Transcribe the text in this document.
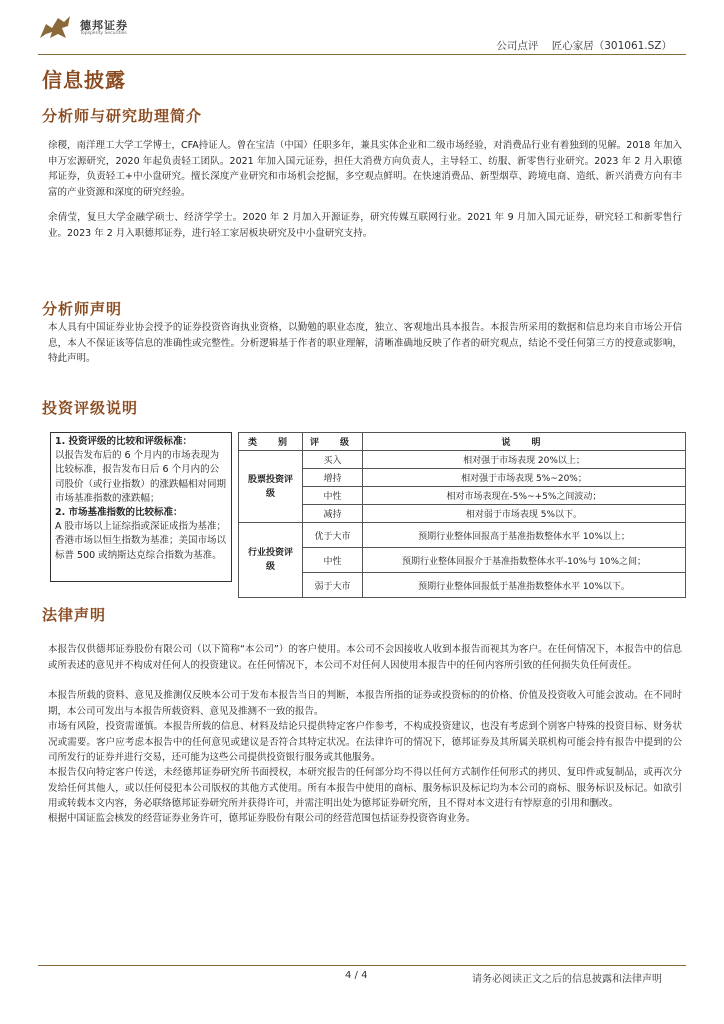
德邦证券
Topsperity Securities
公司点评 匠心家居（301061.SZ）
信息披露
分析师与研究助理简介

徐稷，南洋理工大学工学博士，CFA持证人。曾在宝洁（中国）任职多年，兼具实体企业和二级市场经验，对消费品行业有着独到的见解。2018 年加入申万宏源研究，2020 年起负责轻工团队。2021 年加入国元证券，担任大消费方向负责人，主导轻工、纺服、新零售行业研究。2023 年 2 月入职德邦证券，负责轻工+中小盘研究。擅长深度产业研究和市场机会挖掘，多空观点鲜明。在快速消费品、新型烟草、跨境电商、造纸、新兴消费方向有丰富的产业资源和深度的研究经验。

余倩莹，复旦大学金融学硕士、经济学学士。2020 年 2 月加入开源证券，研究传媒互联网行业。2021 年 9 月加入国元证券，研究轻工和新零售行业。2023 年 2 月入职德邦证券，进行轻工家居板块研究及中小盘研究支持。

分析师声明

本人具有中国证券业协会授予的证券投资咨询执业资格，以勤勉的职业态度，独立、客观地出具本报告。本报告所采用的数据和信息均来自市场公开信息，本人不保证该等信息的准确性或完整性。分析逻辑基于作者的职业理解，清晰准确地反映了作者的研究观点，结论不受任何第三方的授意或影响，特此声明。

投资评级说明
1. 投资评级的比较和评级标准：
以报告发布后的 6 个月内的市场表现为比较标准，报告发布日后 6 个月内的公司股价（或行业指数）的涨跌幅相对同期市场基准指数的涨跌幅；
2. 市场基准指数的比较标准：
A 股市场以上证综指或深证成指为基准；香港市场以恒生指数为基准；美国市场以标普 500 或纳斯达克综合指数为基准。
类　别	评　级	说　明
股票投资评级	买入	相对强于市场表现 20%以上；
	增持	相对强于市场表现 5%~20%；
	中性	相对市场表现在-5%~+5%之间波动；
	减持	相对弱于市场表现 5%以下。
行业投资评级	优于大市	预期行业整体回报高于基准指数整体水平 10%以上；
	中性	预期行业整体回报介于基准指数整体水平-10%与 10%之间；
	弱于大市	预期行业整体回报低于基准指数整体水平 10%以下。
法律声明

本报告仅供德邦证券股份有限公司（以下简称“本公司”）的客户使用。本公司不会因接收人收到本报告而视其为客户。在任何情况下，本报告中的信息或所表述的意见并不构成对任何人的投资建议。在任何情况下，本公司不对任何人因使用本报告中的任何内容所引致的任何损失负任何责任。

本报告所载的资料、意见及推测仅反映本公司于发布本报告当日的判断，本报告所指的证券或投资标的的价格、价值及投资收入可能会波动。在不同时期，本公司可发出与本报告所载资料、意见及推测不一致的报告。

市场有风险，投资需谨慎。本报告所载的信息、材料及结论只提供特定客户作参考，不构成投资建议，也没有考虑到个别客户特殊的投资目标、财务状况或需要。客户应考虑本报告中的任何意见或建议是否符合其特定状况。在法律许可的情况下，德邦证券及其所属关联机构可能会持有报告中提到的公司所发行的证券并进行交易，还可能为这些公司提供投资银行服务或其他服务。

本报告仅向特定客户传送，未经德邦证券研究所书面授权，本研究报告的任何部分均不得以任何方式制作任何形式的拷贝、复印件或复制品，或再次分发给任何其他人，或以任何侵犯本公司版权的其他方式使用。所有本报告中使用的商标、服务标识及标记均为本公司的商标、服务标识及标记。如欲引用或转载本文内容，务必联络德邦证券研究所并获得许可，并需注明出处为德邦证券研究所，且不得对本文进行有悖原意的引用和删改。

根据中国证监会核发的经营证券业务许可，德邦证券股份有限公司的经营范围包括证券投资咨询业务。

4 / 4	请务必阅读正文之后的信息披露和法律声明
